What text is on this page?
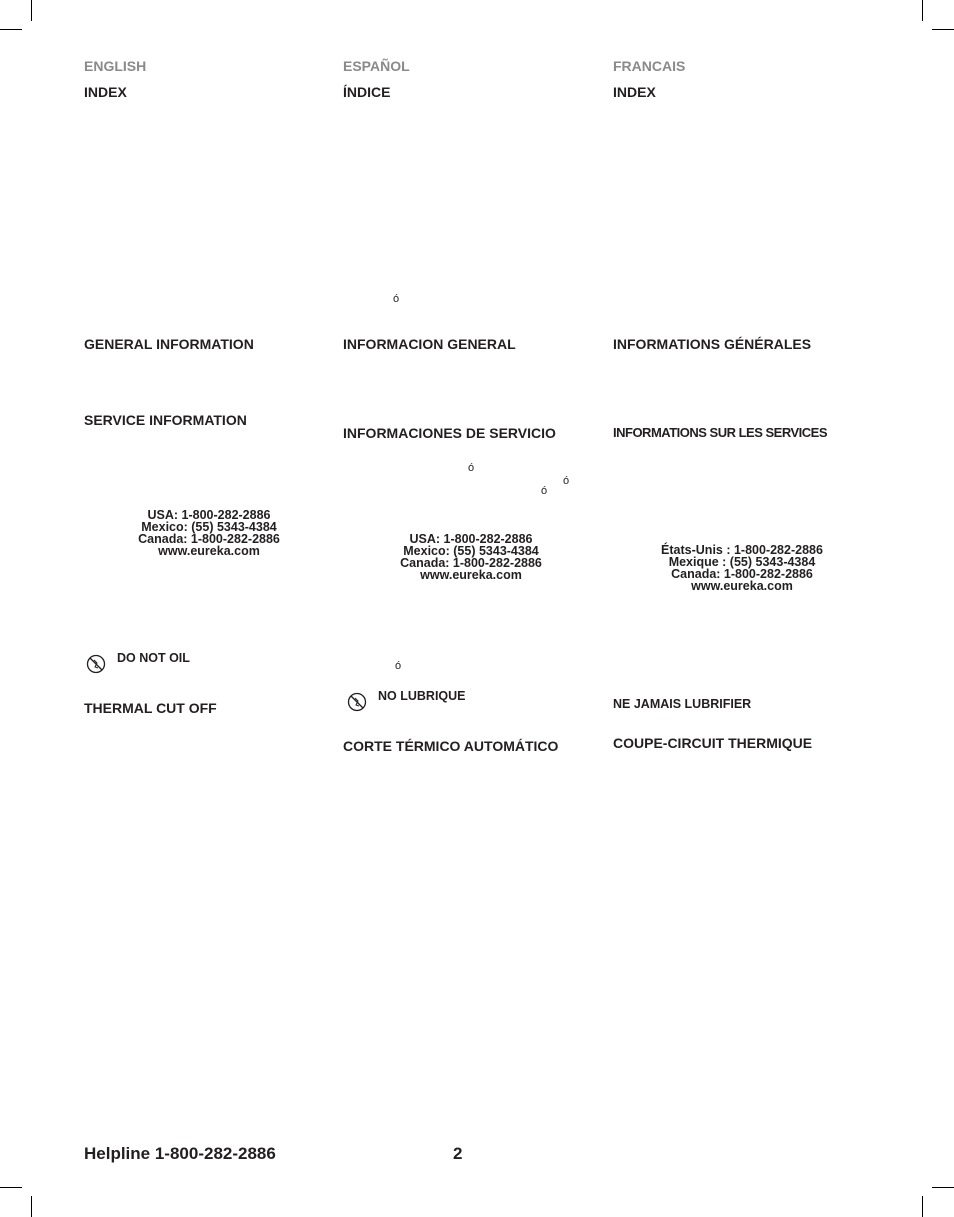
ENGLISH
INDEX
GENERAL INFORMATION
SERVICE INFORMATION
USA: 1-800-282-2886
Mexico: (55) 5343-4384
Canada: 1-800-282-2886
www.eureka.com
DO NOT OIL
THERMAL CUT OFF
ESPAÑOL
ÍNDICE
ó
INFORMACION GENERAL
INFORMACIONES DE SERVICIO
ó
ó
ó
USA: 1-800-282-2886
Mexico: (55) 5343-4384
Canada: 1-800-282-2886
www.eureka.com
ó
NO LUBRIQUE
CORTE TÉRMICO AUTOMÁTICO
FRANCAIS
INDEX
INFORMATIONS GÉNÉRALES
INFORMATIONS SUR LES SERVICES
États-Unis : 1-800-282-2886
Mexique : (55) 5343-4384
Canada: 1-800-282-2886
www.eureka.com
NE JAMAIS LUBRIFIER
COUPE-CIRCUIT THERMIQUE
Helpline 1-800-282-2886	2
